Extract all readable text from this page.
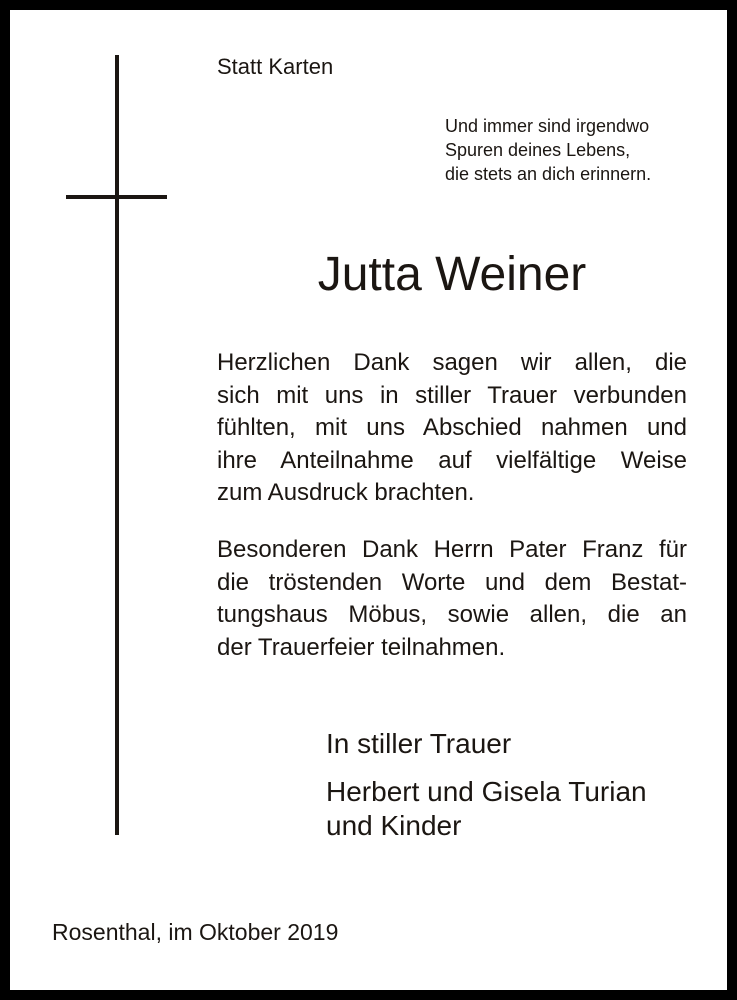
Statt Karten
Und immer sind irgendwo
Spuren deines Lebens,
die stets an dich erinnern.
Jutta Weiner
Herzlichen Dank sagen wir allen, die
sich mit uns in stiller Trauer verbunden
fühlten, mit uns Abschied nahmen und
ihre Anteilnahme auf vielfältige Weise
zum Ausdruck brachten.
Besonderen Dank Herrn Pater Franz für
die tröstenden Worte und dem Bestat-
tungshaus Möbus, sowie allen, die an
der Trauerfeier teilnahmen.
In stiller Trauer
Herbert und Gisela Turian
und Kinder
Rosenthal, im Oktober 2019
